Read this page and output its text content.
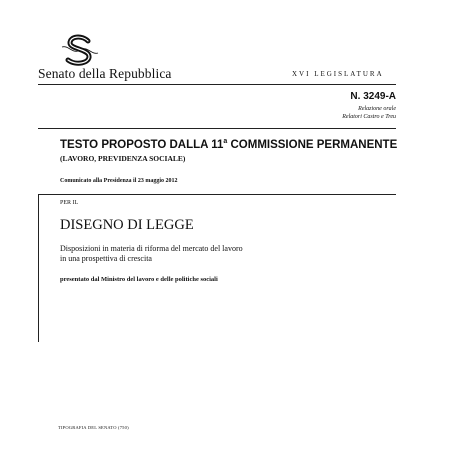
Senato della Repubblica	XVI LEGISLATURA
N. 3249-A
Relazione orale
Relatori Castro e Treu
TESTO PROPOSTO DALLA 11$^a$ COMMISSIONE PERMANENTE
(LAVORO, PREVIDENZA SOCIALE)
Comunicato alla Presidenza il 23 maggio 2012
PER IL
DISEGNO DI LEGGE
Disposizioni in materia di riforma del mercato del lavoro
in una prospettiva di crescita
presentato dal Ministro del lavoro e delle politiche sociali
TIPOGRAFIA DEL SENATO (750)
